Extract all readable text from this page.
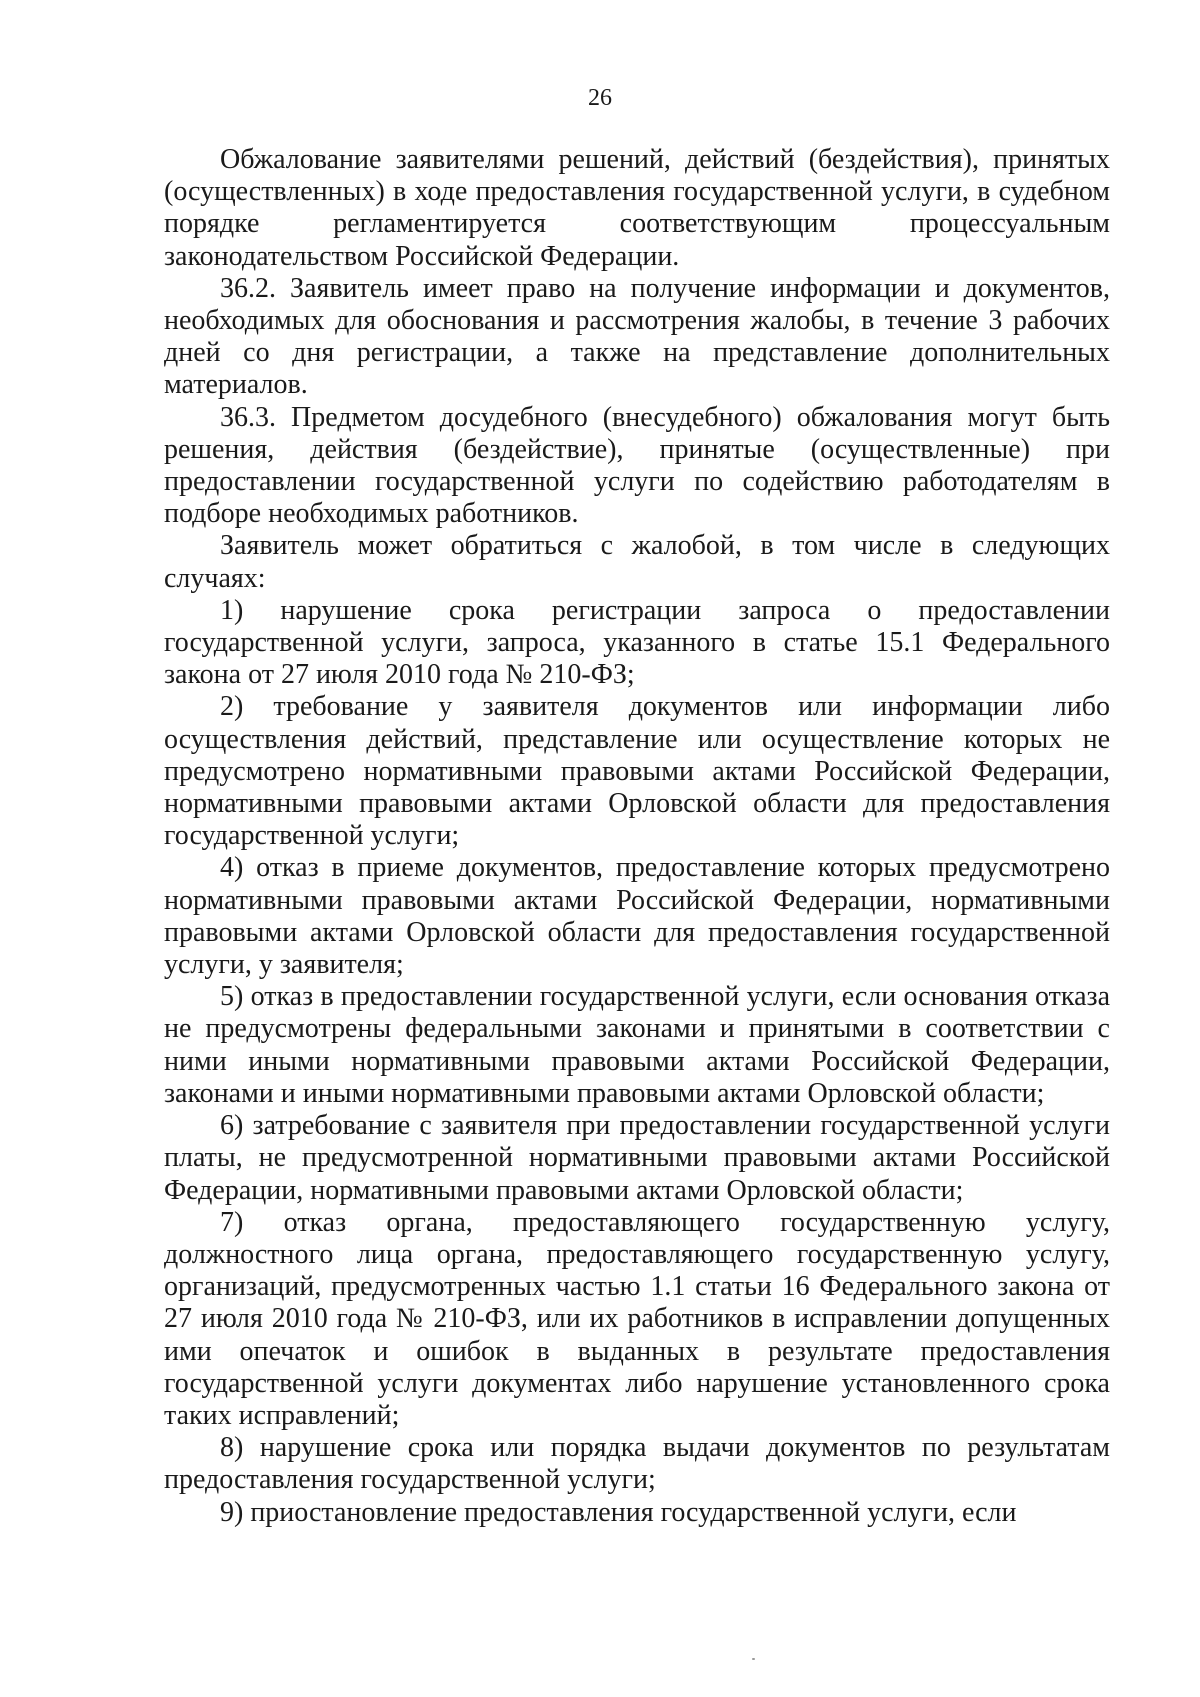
26

Обжалование заявителями решений, действий (бездействия), принятых (осуществленных) в ходе предоставления государственной услуги, в судебном порядке регламентируется соответствующим процессуальным законодательством Российской Федерации.

36.2. Заявитель имеет право на получение информации и документов, необходимых для обоснования и рассмотрения жалобы, в течение 3 рабочих дней со дня регистрации, а также на представление дополнительных материалов.

36.3. Предметом досудебного (внесудебного) обжалования могут быть решения, действия (бездействие), принятые (осуществленные) при предоставлении государственной услуги по содействию работодателям в подборе необходимых работников.

Заявитель может обратиться с жалобой, в том числе в следующих случаях:

1) нарушение срока регистрации запроса о предоставлении государственной услуги, запроса, указанного в статье 15.1 Федерального закона от 27 июля 2010 года № 210-ФЗ;

2) требование у заявителя документов или информации либо осуществления действий, представление или осуществление которых не предусмотрено нормативными правовыми актами Российской Федерации, нормативными правовыми актами Орловской области для предоставления государственной услуги;

4) отказ в приеме документов, предоставление которых предусмотрено нормативными правовыми актами Российской Федерации, нормативными правовыми актами Орловской области для предоставления государственной услуги, у заявителя;

5) отказ в предоставлении государственной услуги, если основания отказа не предусмотрены федеральными законами и принятыми в соответствии с ними иными нормативными правовыми актами Российской Федерации, законами и иными нормативными правовыми актами Орловской области;

6) затребование с заявителя при предоставлении государственной услуги платы, не предусмотренной нормативными правовыми актами Российской Федерации, нормативными правовыми актами Орловской области;

7) отказ органа, предоставляющего государственную услугу, должностного лица органа, предоставляющего государственную услугу, организаций, предусмотренных частью 1.1 статьи 16 Федерального закона от 27 июля 2010 года № 210-ФЗ, или их работников в исправлении допущенных ими опечаток и ошибок в выданных в результате предоставления государственной услуги документах либо нарушение установленного срока таких исправлений;

8) нарушение срока или порядка выдачи документов по результатам предоставления государственной услуги;

9) приостановление предоставления государственной услуги, если
